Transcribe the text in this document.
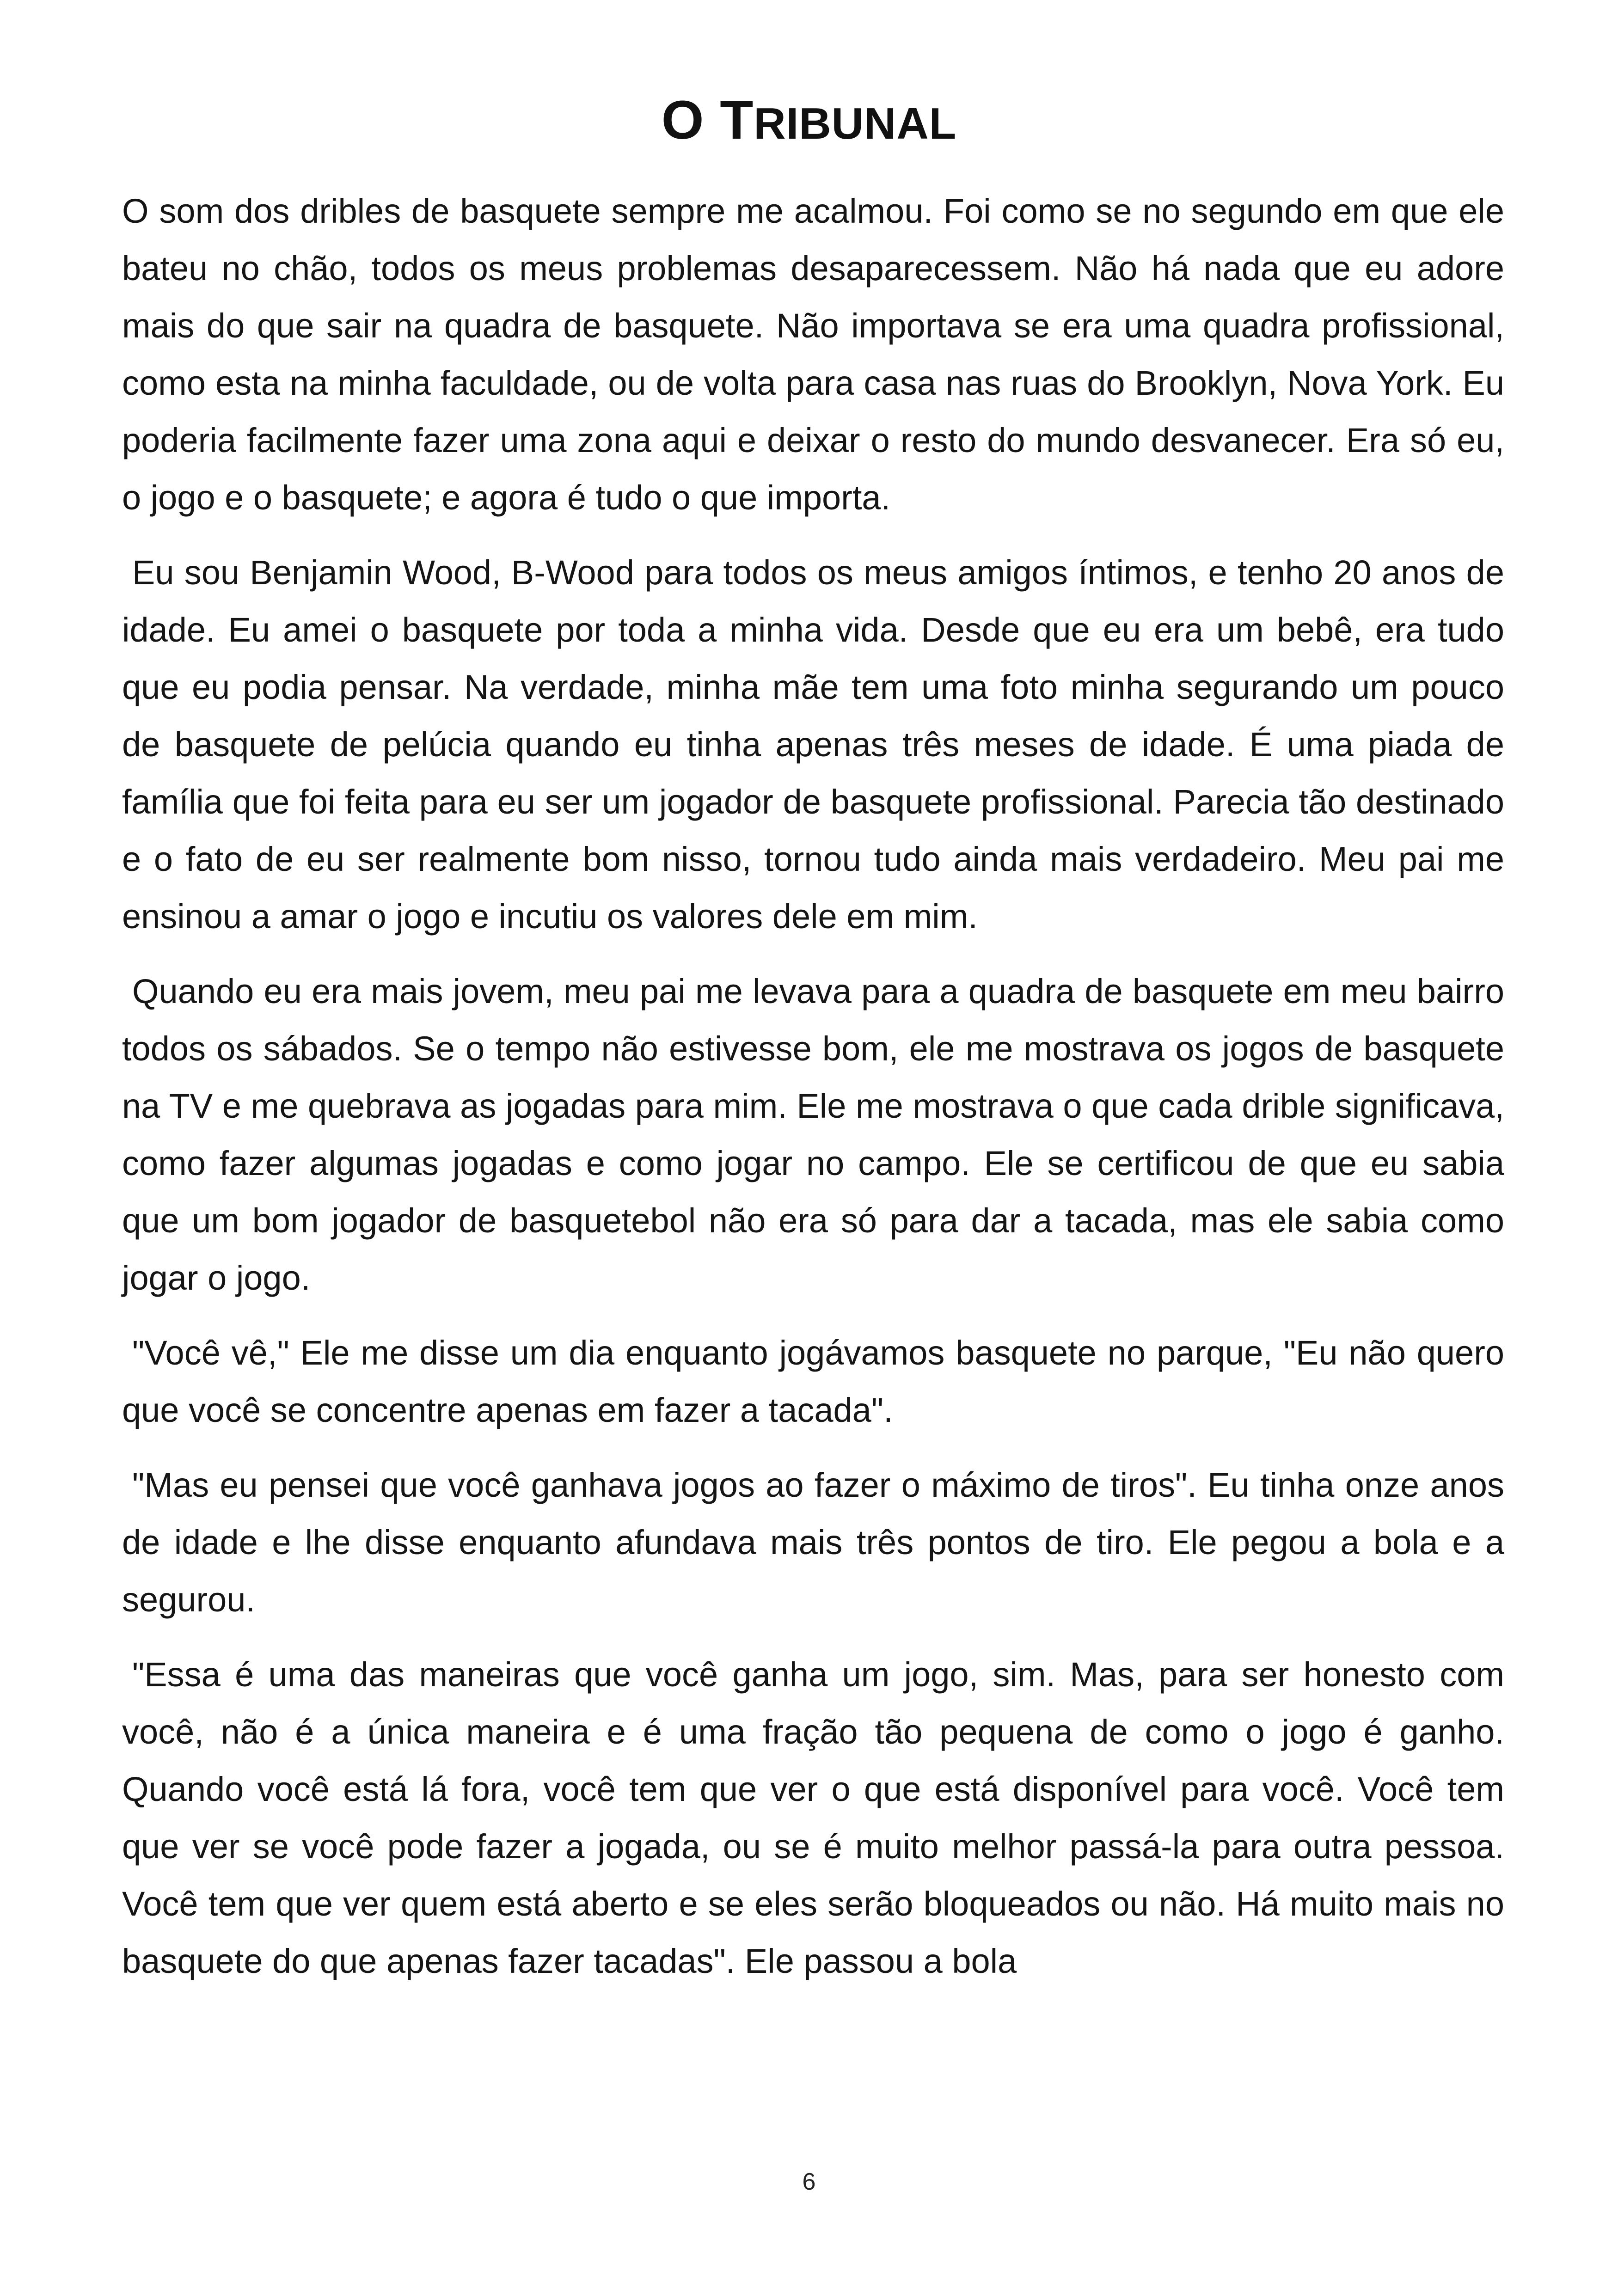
O TRIBUNAL

O som dos dribles de basquete sempre me acalmou. Foi como se no segundo em que ele bateu no chão, todos os meus problemas desaparecessem. Não há nada que eu adore mais do que sair na quadra de basquete. Não importava se era uma quadra profissional, como esta na minha faculdade, ou de volta para casa nas ruas do Brooklyn, Nova York. Eu poderia facilmente fazer uma zona aqui e deixar o resto do mundo desvanecer. Era só eu, o jogo e o basquete; e agora é tudo o que importa.

Eu sou Benjamin Wood, B-Wood para todos os meus amigos íntimos, e tenho 20 anos de idade. Eu amei o basquete por toda a minha vida. Desde que eu era um bebê, era tudo que eu podia pensar. Na verdade, minha mãe tem uma foto minha segurando um pouco de basquete de pelúcia quando eu tinha apenas três meses de idade. É uma piada de família que foi feita para eu ser um jogador de basquete profissional. Parecia tão destinado e o fato de eu ser realmente bom nisso, tornou tudo ainda mais verdadeiro. Meu pai me ensinou a amar o jogo e incutiu os valores dele em mim.

Quando eu era mais jovem, meu pai me levava para a quadra de basquete em meu bairro todos os sábados. Se o tempo não estivesse bom, ele me mostrava os jogos de basquete na TV e me quebrava as jogadas para mim. Ele me mostrava o que cada drible significava, como fazer algumas jogadas e como jogar no campo. Ele se certificou de que eu sabia que um bom jogador de basquetebol não era só para dar a tacada, mas ele sabia como jogar o jogo.

"Você vê," Ele me disse um dia enquanto jogávamos basquete no parque, "Eu não quero que você se concentre apenas em fazer a tacada".

"Mas eu pensei que você ganhava jogos ao fazer o máximo de tiros". Eu tinha onze anos de idade e lhe disse enquanto afundava mais três pontos de tiro. Ele pegou a bola e a segurou.

"Essa é uma das maneiras que você ganha um jogo, sim. Mas, para ser honesto com você, não é a única maneira e é uma fração tão pequena de como o jogo é ganho. Quando você está lá fora, você tem que ver o que está disponível para você. Você tem que ver se você pode fazer a jogada, ou se é muito melhor passá-la para outra pessoa. Você tem que ver quem está aberto e se eles serão bloqueados ou não. Há muito mais no basquete do que apenas fazer tacadas". Ele passou a bola

6
